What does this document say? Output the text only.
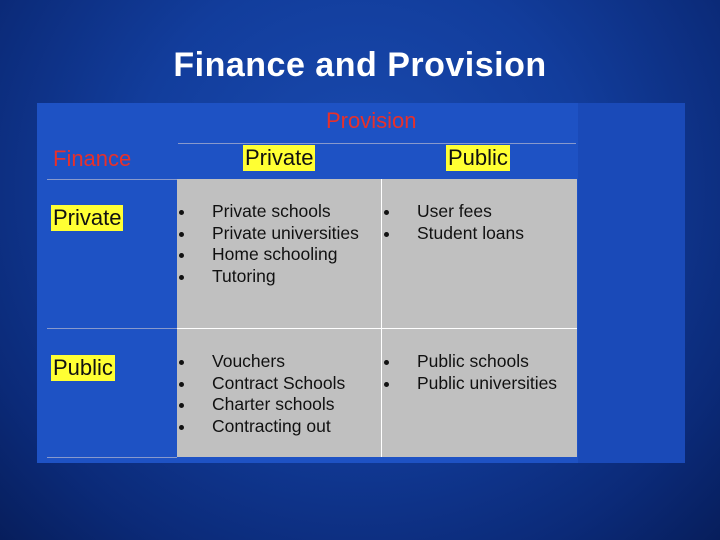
Finance and Provision
Provision
Finance	Private	Public
Private
Public
Private schools
Private universities
Home schooling
Tutoring
User fees
Student loans
Vouchers
Contract Schools
Charter schools
Contracting out
Public schools
Public universities
